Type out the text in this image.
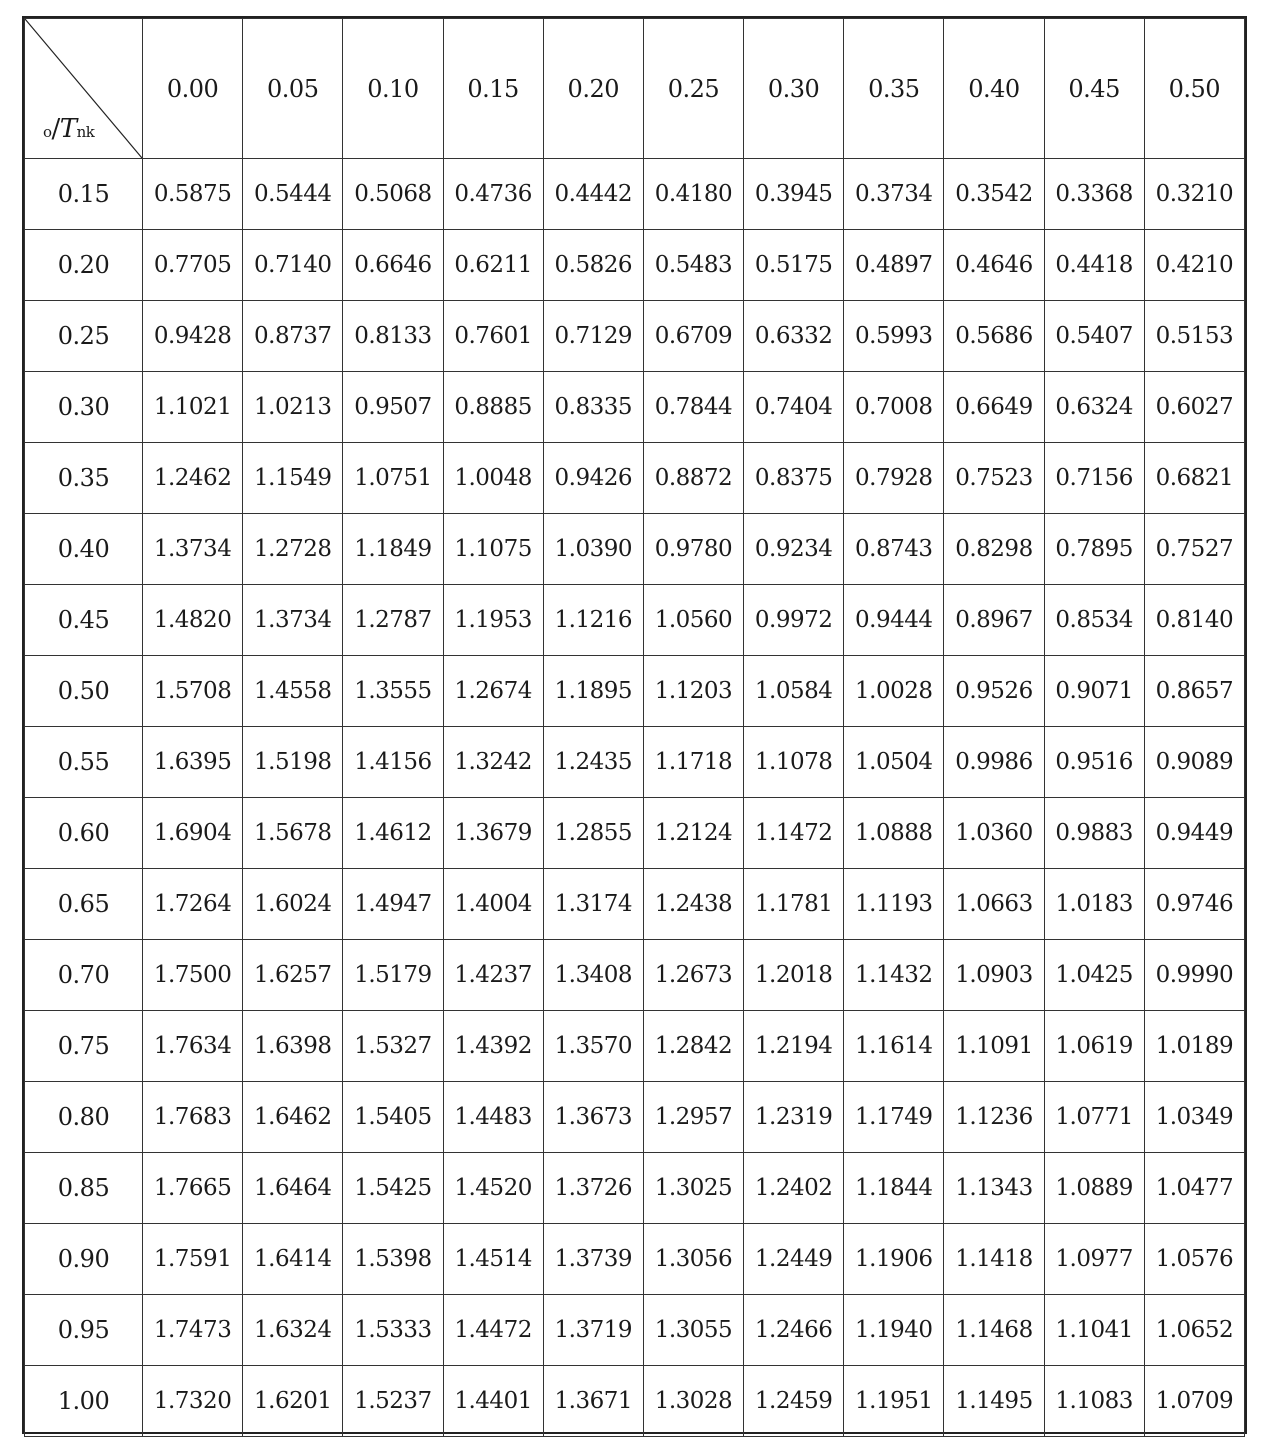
o/Tnk	0.00	0.05	0.10	0.15	0.20	0.25	0.30	0.35	0.40	0.45	0.50
0.15	0.5875	0.5444	0.5068	0.4736	0.4442	0.4180	0.3945	0.3734	0.3542	0.3368	0.3210
0.20	0.7705	0.7140	0.6646	0.6211	0.5826	0.5483	0.5175	0.4897	0.4646	0.4418	0.4210
0.25	0.9428	0.8737	0.8133	0.7601	0.7129	0.6709	0.6332	0.5993	0.5686	0.5407	0.5153
0.30	1.1021	1.0213	0.9507	0.8885	0.8335	0.7844	0.7404	0.7008	0.6649	0.6324	0.6027
0.35	1.2462	1.1549	1.0751	1.0048	0.9426	0.8872	0.8375	0.7928	0.7523	0.7156	0.6821
0.40	1.3734	1.2728	1.1849	1.1075	1.0390	0.9780	0.9234	0.8743	0.8298	0.7895	0.7527
0.45	1.4820	1.3734	1.2787	1.1953	1.1216	1.0560	0.9972	0.9444	0.8967	0.8534	0.8140
0.50	1.5708	1.4558	1.3555	1.2674	1.1895	1.1203	1.0584	1.0028	0.9526	0.9071	0.8657
0.55	1.6395	1.5198	1.4156	1.3242	1.2435	1.1718	1.1078	1.0504	0.9986	0.9516	0.9089
0.60	1.6904	1.5678	1.4612	1.3679	1.2855	1.2124	1.1472	1.0888	1.0360	0.9883	0.9449
0.65	1.7264	1.6024	1.4947	1.4004	1.3174	1.2438	1.1781	1.1193	1.0663	1.0183	0.9746
0.70	1.7500	1.6257	1.5179	1.4237	1.3408	1.2673	1.2018	1.1432	1.0903	1.0425	0.9990
0.75	1.7634	1.6398	1.5327	1.4392	1.3570	1.2842	1.2194	1.1614	1.1091	1.0619	1.0189
0.80	1.7683	1.6462	1.5405	1.4483	1.3673	1.2957	1.2319	1.1749	1.1236	1.0771	1.0349
0.85	1.7665	1.6464	1.5425	1.4520	1.3726	1.3025	1.2402	1.1844	1.1343	1.0889	1.0477
0.90	1.7591	1.6414	1.5398	1.4514	1.3739	1.3056	1.2449	1.1906	1.1418	1.0977	1.0576
0.95	1.7473	1.6324	1.5333	1.4472	1.3719	1.3055	1.2466	1.1940	1.1468	1.1041	1.0652
1.00	1.7320	1.6201	1.5237	1.4401	1.3671	1.3028	1.2459	1.1951	1.1495	1.1083	1.0709
